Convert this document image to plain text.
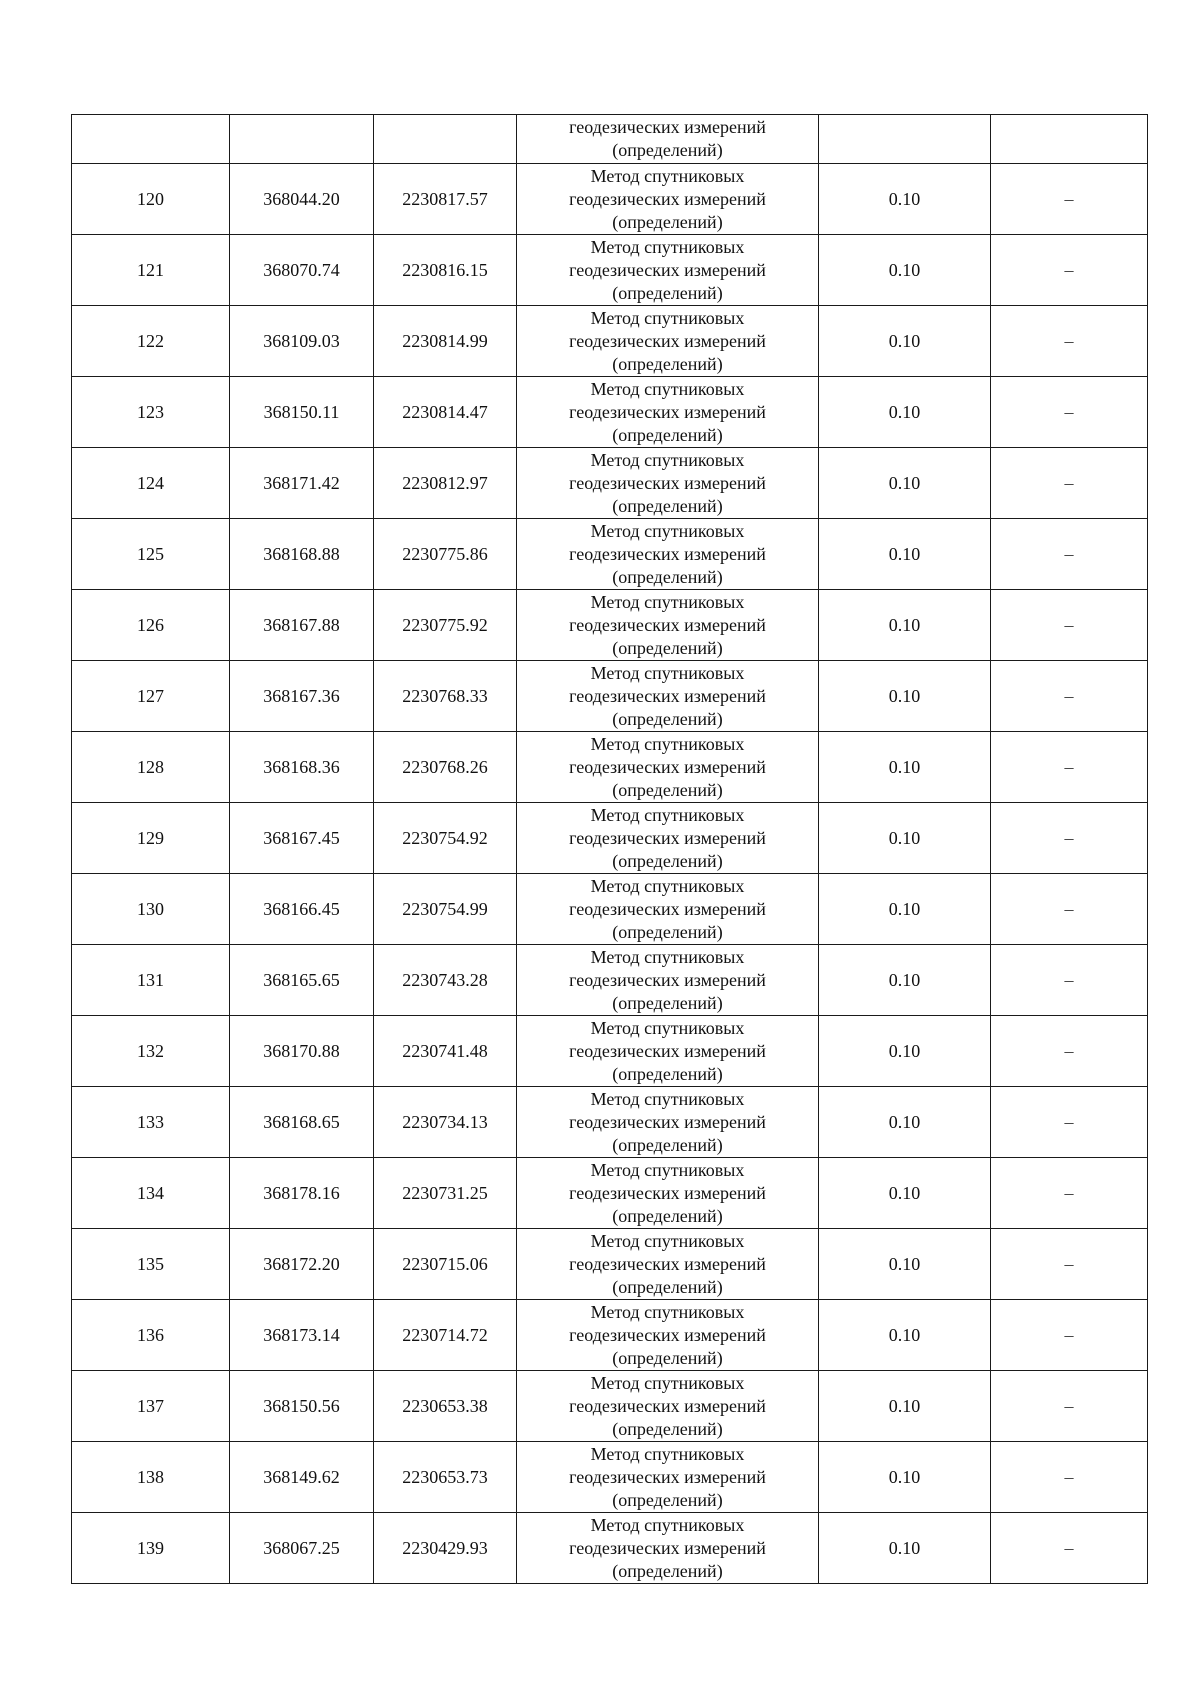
			геодезических измерений
(определений)		

120	368044.20	2230817.57	Метод спутниковых
геодезических измерений
(определений)	0.10	–
121	368070.74	2230816.15	Метод спутниковых
геодезических измерений
(определений)	0.10	–
122	368109.03	2230814.99	Метод спутниковых
геодезических измерений
(определений)	0.10	–
123	368150.11	2230814.47	Метод спутниковых
геодезических измерений
(определений)	0.10	–
124	368171.42	2230812.97	Метод спутниковых
геодезических измерений
(определений)	0.10	–
125	368168.88	2230775.86	Метод спутниковых
геодезических измерений
(определений)	0.10	–
126	368167.88	2230775.92	Метод спутниковых
геодезических измерений
(определений)	0.10	–
127	368167.36	2230768.33	Метод спутниковых
геодезических измерений
(определений)	0.10	–
128	368168.36	2230768.26	Метод спутниковых
геодезических измерений
(определений)	0.10	–
129	368167.45	2230754.92	Метод спутниковых
геодезических измерений
(определений)	0.10	–
130	368166.45	2230754.99	Метод спутниковых
геодезических измерений
(определений)	0.10	–
131	368165.65	2230743.28	Метод спутниковых
геодезических измерений
(определений)	0.10	–
132	368170.88	2230741.48	Метод спутниковых
геодезических измерений
(определений)	0.10	–
133	368168.65	2230734.13	Метод спутниковых
геодезических измерений
(определений)	0.10	–
134	368178.16	2230731.25	Метод спутниковых
геодезических измерений
(определений)	0.10	–
135	368172.20	2230715.06	Метод спутниковых
геодезических измерений
(определений)	0.10	–
136	368173.14	2230714.72	Метод спутниковых
геодезических измерений
(определений)	0.10	–
137	368150.56	2230653.38	Метод спутниковых
геодезических измерений
(определений)	0.10	–
138	368149.62	2230653.73	Метод спутниковых
геодезических измерений
(определений)	0.10	–
139	368067.25	2230429.93	Метод спутниковых
геодезических измерений
(определений)	0.10	–
